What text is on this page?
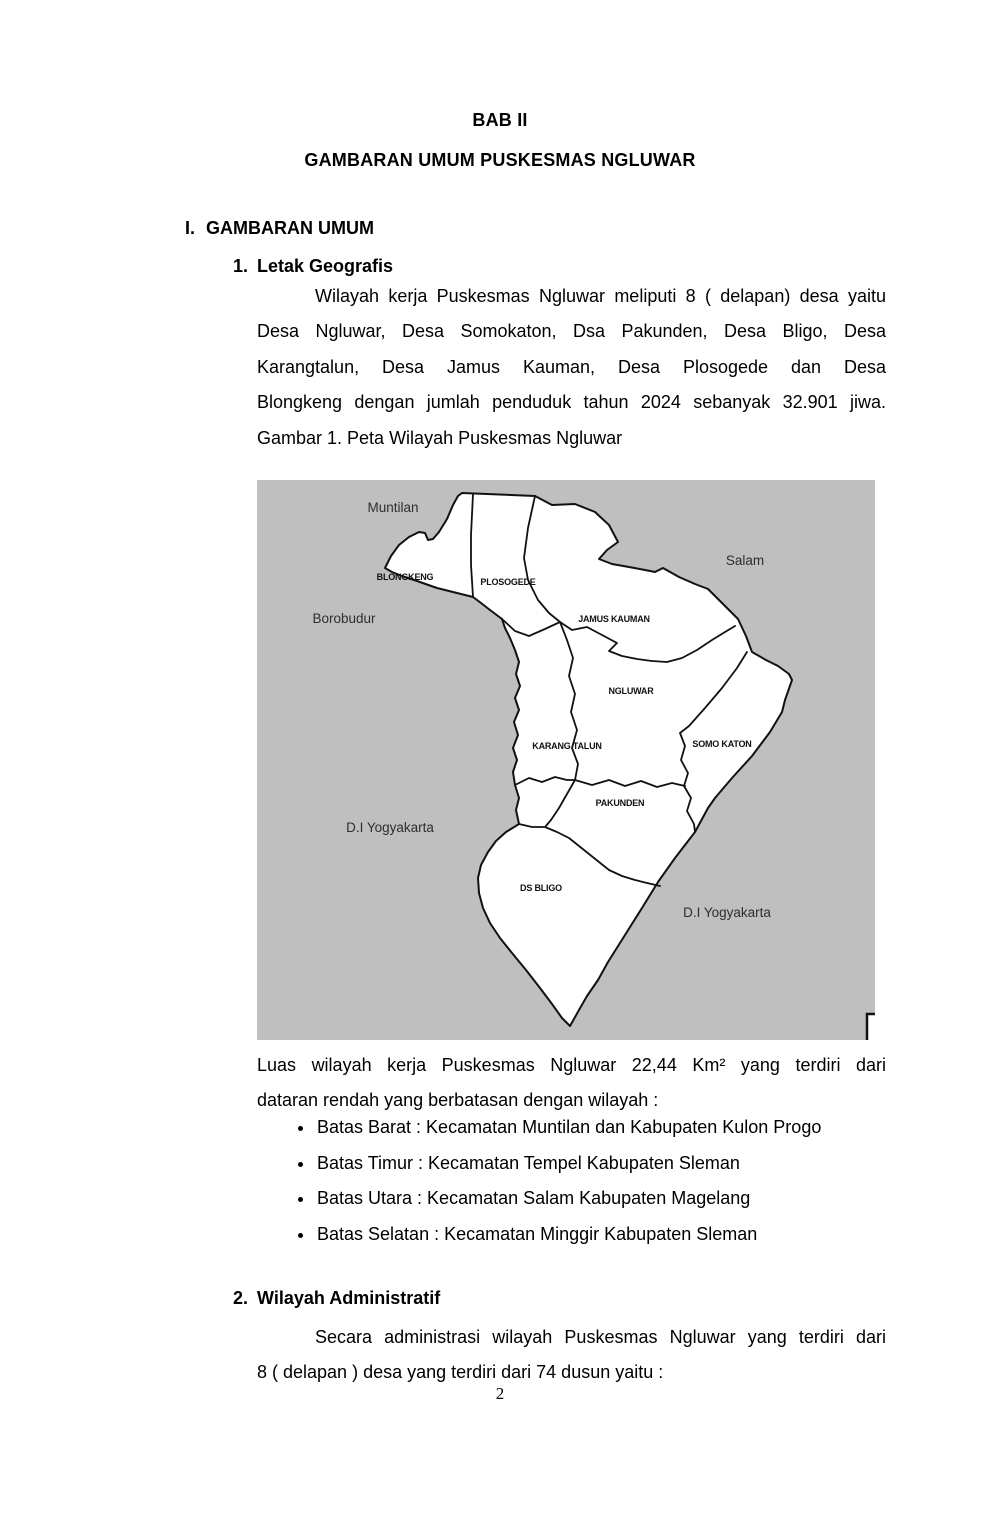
BAB II
GAMBARAN UMUM PUSKESMAS NGLUWAR
I. GAMBARAN UMUM
1. Letak Geografis
Wilayah kerja Puskesmas Ngluwar meliputi 8 ( delapan) desa yaitu
Desa Ngluwar, Desa Somokaton, Dsa Pakunden, Desa Bligo, Desa
Karangtalun, Desa Jamus Kauman, Desa Plosogede dan Desa
Blongkeng dengan jumlah penduduk tahun 2024 sebanyak 32.901 jiwa.
Gambar 1. Peta Wilayah Puskesmas Ngluwar
BLONGKENG	PLOSOGEDE
JAMUS KAUMAN
NGLUWAR
KARANG TALUN	SOMO KATON
PAKUNDEN
DS BLIGO
Muntilan
Salam
Borobudur
D.I Yogyakarta
D.I Yogyakarta
Luas wilayah kerja Puskesmas Ngluwar 22,44 Km² yang terdiri dari
dataran rendah yang berbatasan dengan wilayah :
• Batas Barat : Kecamatan Muntilan dan Kabupaten Kulon Progo
• Batas Timur : Kecamatan Tempel Kabupaten Sleman
• Batas Utara : Kecamatan Salam Kabupaten Magelang
• Batas Selatan : Kecamatan Minggir Kabupaten Sleman
2. Wilayah Administratif
Secara administrasi wilayah Puskesmas Ngluwar yang terdiri dari
8 ( delapan ) desa yang terdiri dari 74 dusun yaitu :
2
